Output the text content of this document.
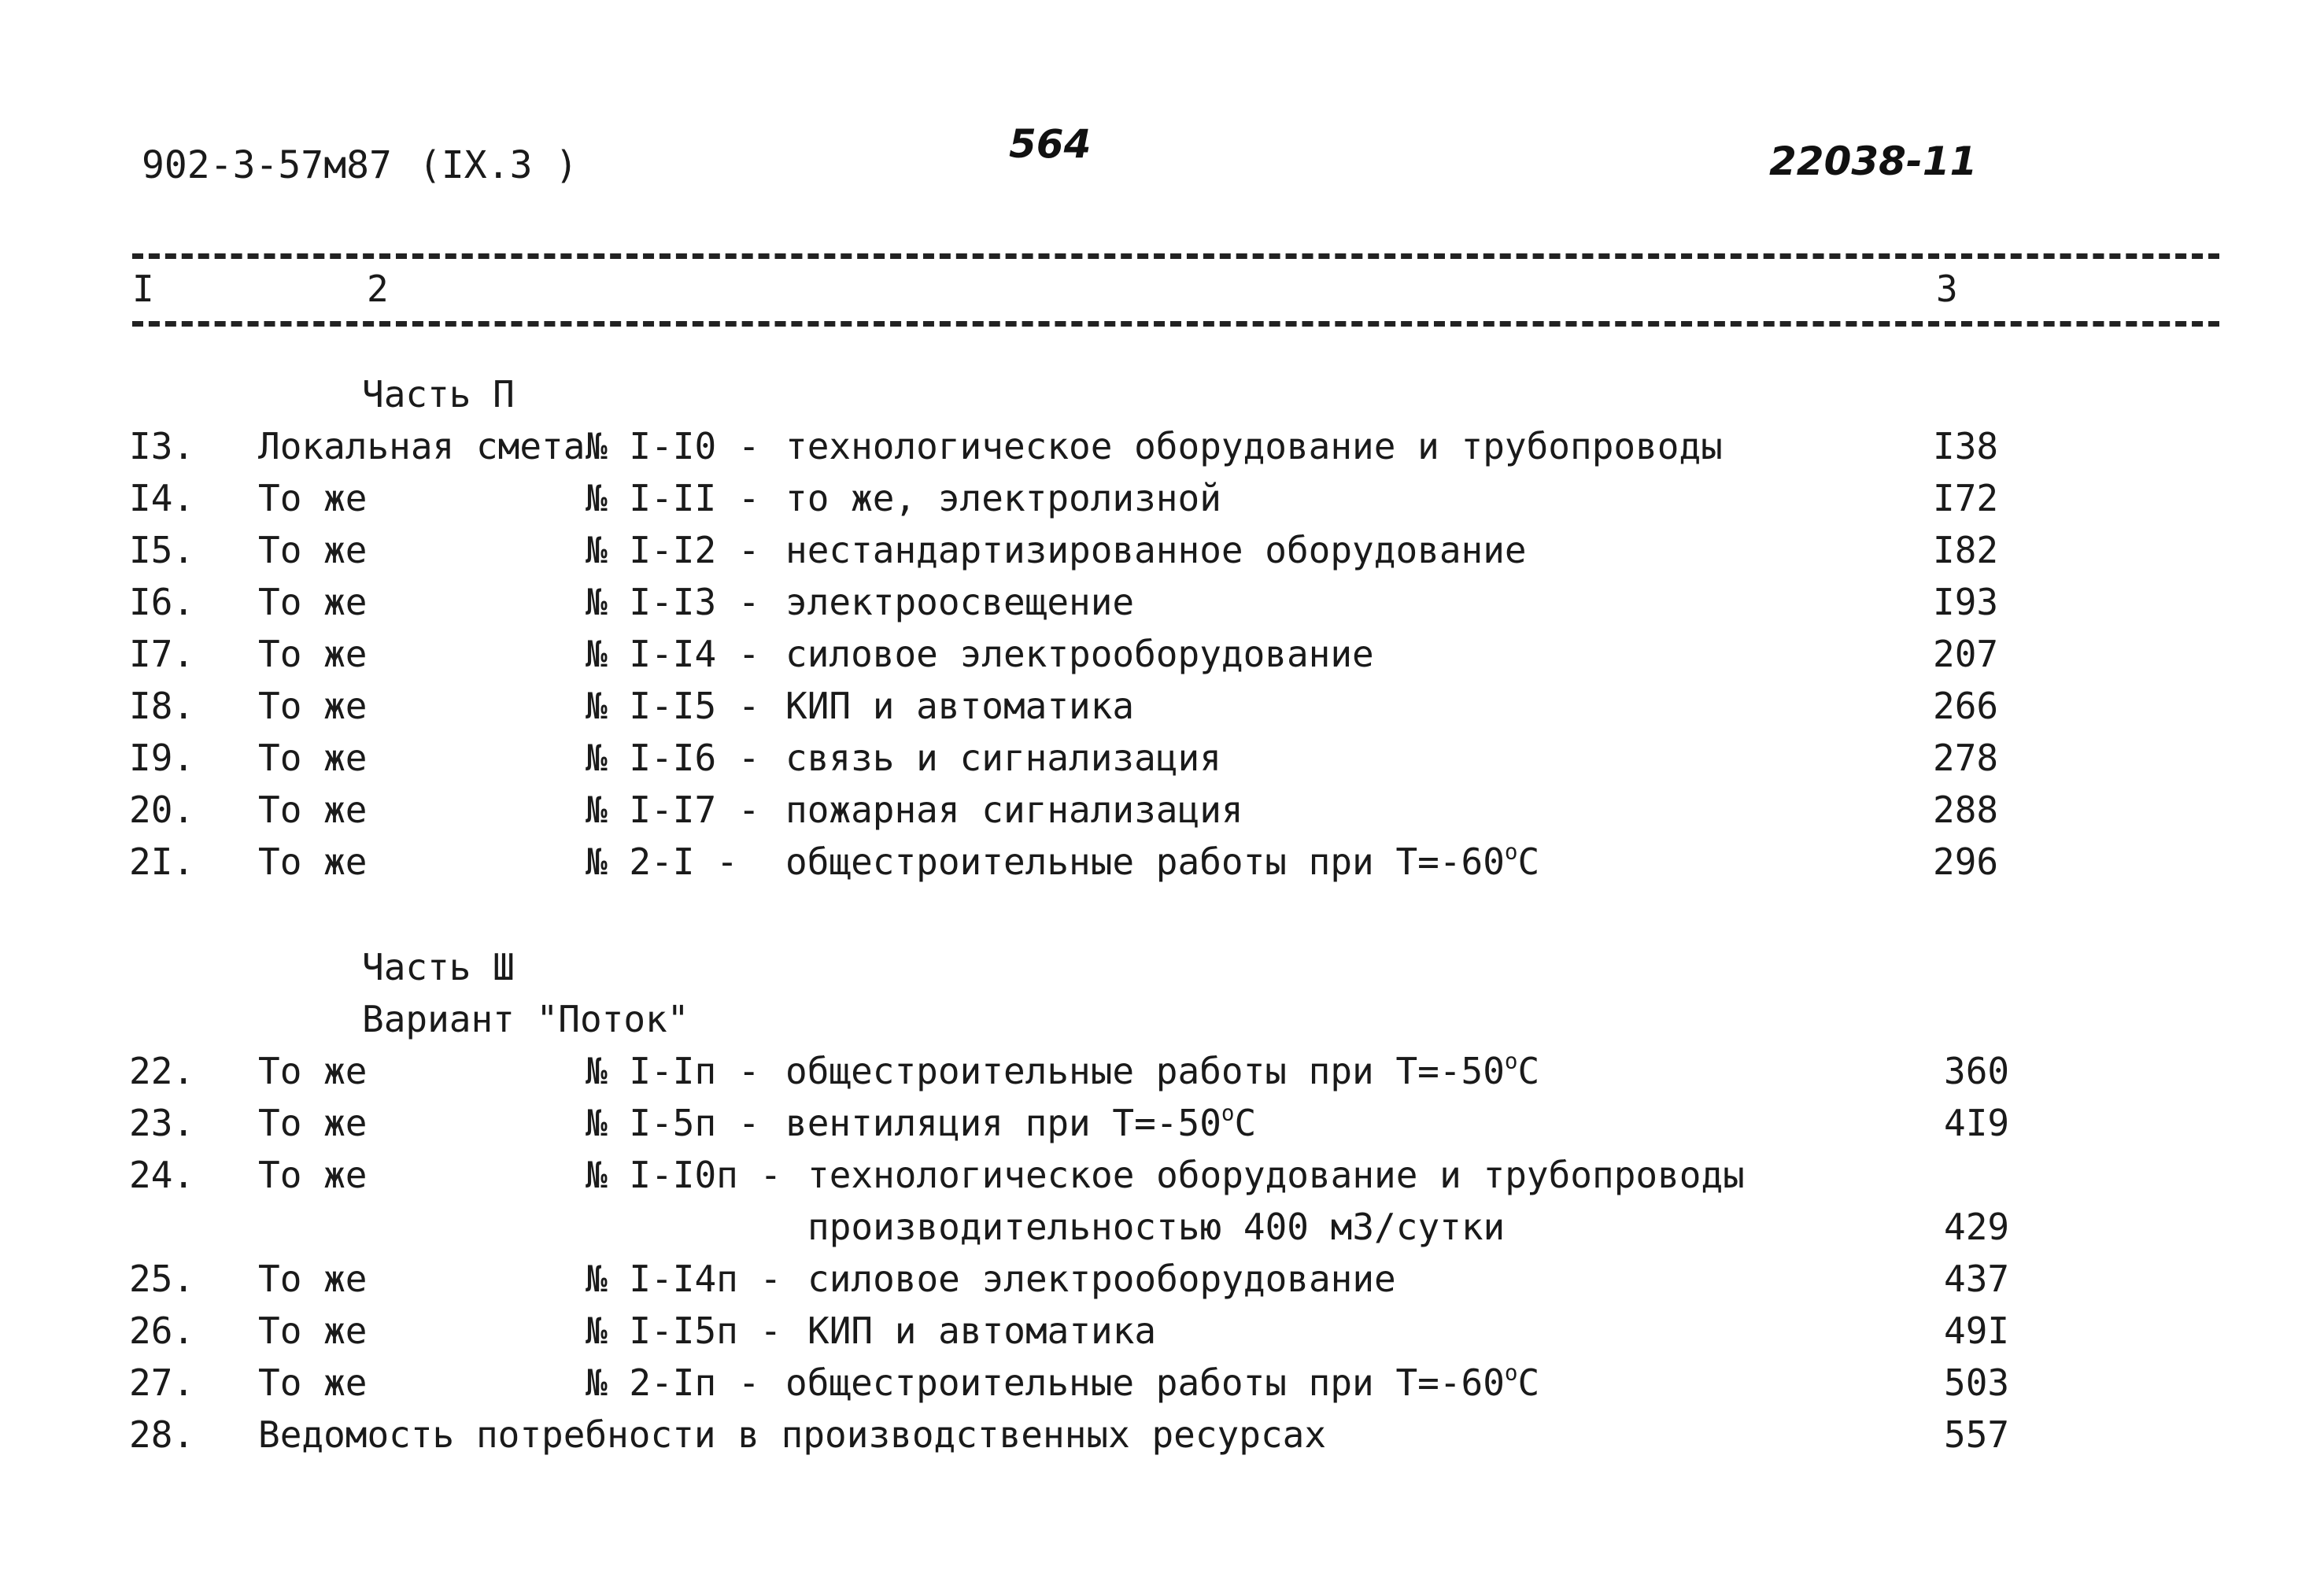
902-3-57м87 (IX.3 )	564	22038-11
I	2	3
Часть П
I3. Локальная смета № I-I0 - технологическое оборудование и трубопроводы	I38
I4. То же	№ I-II - то же, электролизной	I72
I5. То же	№ I-I2 - нестандартизированное оборудование	I82
I6. То же	№ I-I3 - электроосвещение	I93
I7. То же	№ I-I4 - силовое электрооборудование	207
I8. То же	№ I-I5 - КИП и автоматика	266
I9. То же	№ I-I6 - связь и сигнализация	278
20. То же	№ I-I7 - пожарная сигнализация	288
2I. То же	№ 2-I - общестроительные работы при $Т=-60^оС$	296
Часть Ш
Вариант "Поток"
22. То же	№ I-Iп - общестроительные работы при $Т=-50^оС$	360
23. То же	№ I-5п - вентиляция при $Т=-50^оС$	4I9
24. То же	№ I-I0п - технологическое оборудование и трубопроводы
производительностью 400 м3/сутки	429
25. То же	№ I-I4п - силовое электрооборудование	437
26. То же	№ I-I5п - КИП и автоматика	49I
27. То же	№ 2-Iп - общестроительные работы при $Т=-60^оС$	503
28. Ведомость потребности в производственных ресурсах	557
